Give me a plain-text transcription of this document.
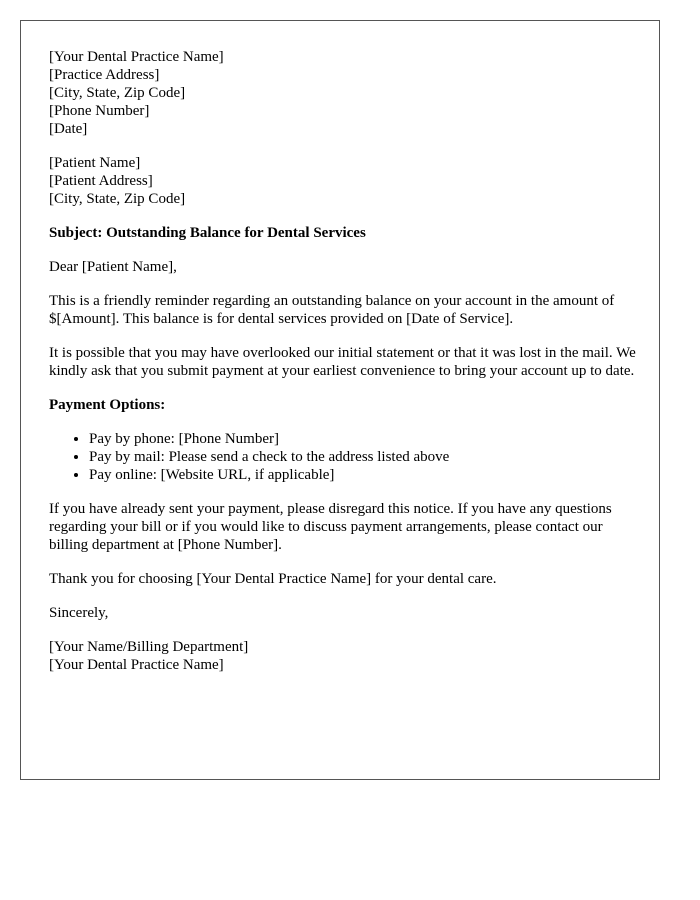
[Your Dental Practice Name]
[Practice Address]
[City, State, Zip Code]
[Phone Number]
[Date]
[Patient Name]
[Patient Address]
[City, State, Zip Code]

Subject: Outstanding Balance for Dental Services

Dear [Patient Name],

This is a friendly reminder regarding an outstanding balance on your account in the amount of $[Amount]. This balance is for dental services provided on [Date of Service].

It is possible that you may have overlooked our initial statement or that it was lost in the mail. We kindly ask that you submit payment at your earliest convenience to bring your account up to date.

Payment Options:
• Pay by phone: [Phone Number]
• Pay by mail: Please send a check to the address listed above
• Pay online: [Website URL, if applicable]

If you have already sent your payment, please disregard this notice. If you have any questions regarding your bill or if you would like to discuss payment arrangements, please contact our billing department at [Phone Number].

Thank you for choosing [Your Dental Practice Name] for your dental care.

Sincerely,

[Your Name/Billing Department]
[Your Dental Practice Name]
